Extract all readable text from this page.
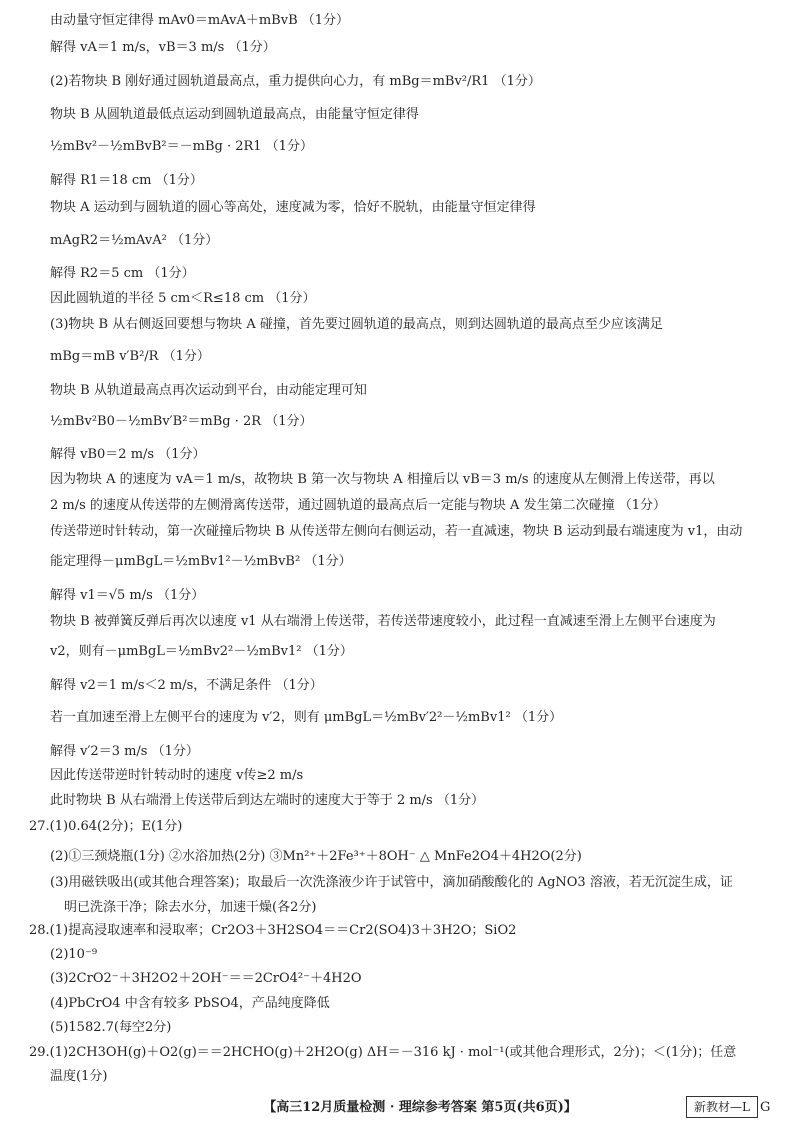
由动量守恒定律得 mAv0＝mAvA＋mBvB （1分）
解得 vA＝1 m/s，vB＝3 m/s （1分）
(2)若物块 B 刚好通过圆轨道最高点，重力提供向心力，有 mBg＝mBv²/R1 （1分）
物块 B 从圆轨道最低点运动到圆轨道最高点，由能量守恒定律得
½mBv²－½mBvB²＝－mBg · 2R1 （1分）
解得 R1＝18 cm （1分）
物块 A 运动到与圆轨道的圆心等高处，速度减为零，恰好不脱轨，由能量守恒定律得
mAgR2＝½mAvA² （1分）
解得 R2＝5 cm （1分）
因此圆轨道的半径 5 cm＜R≤18 cm （1分）
(3)物块 B 从右侧返回要想与物块 A 碰撞，首先要过圆轨道的最高点，则到达圆轨道的最高点至少应该满足
mBg＝mB v′B²/R （1分）
物块 B 从轨道最高点再次运动到平台，由动能定理可知
½mBv²B0－½mBv′B²＝mBg · 2R （1分）
解得 vB0＝2 m/s （1分）
因为物块 A 的速度为 vA＝1 m/s，故物块 B 第一次与物块 A 相撞后以 vB＝3 m/s 的速度从左侧滑上传送带，再以
2 m/s 的速度从传送带的左侧滑离传送带，通过圆轨道的最高点后一定能与物块 A 发生第二次碰撞 （1分）
传送带逆时针转动，第一次碰撞后物块 B 从传送带左侧向右侧运动，若一直减速，物块 B 运动到最右端速度为 v1，由动
能定理得－μmBgL＝½mBv1²－½mBvB² （1分）
解得 v1＝√5 m/s （1分）
物块 B 被弹簧反弹后再次以速度 v1 从右端滑上传送带，若传送带速度较小，此过程一直减速至滑上左侧平台速度为
v2，则有－μmBgL＝½mBv2²－½mBv1² （1分）
解得 v2＝1 m/s＜2 m/s，不满足条件 （1分）
若一直加速至滑上左侧平台的速度为 v′2，则有 μmBgL＝½mBv′2²－½mBv1² （1分）
解得 v′2＝3 m/s （1分）
因此传送带逆时针转动时的速度 v传≥2 m/s
此时物块 B 从右端滑上传送带后到达左端时的速度大于等于 2 m/s （1分）
27.(1)0.64(2分)；E(1分)
(2)①三颈烧瓶(1分) ②水浴加热(2分) ③Mn²⁺＋2Fe³⁺＋8OH⁻ △ MnFe2O4＋4H2O(2分)
(3)用磁铁吸出(或其他合理答案)；取最后一次洗涤液少许于试管中，滴加硝酸酸化的 AgNO3 溶液，若无沉淀生成，证
明已洗涤干净；除去水分，加速干燥(各2分)
28.(1)提高浸取速率和浸取率；Cr2O3＋3H2SO4＝＝Cr2(SO4)3＋3H2O；SiO2
(2)10⁻⁹
(3)2CrO2⁻＋3H2O2＋2OH⁻＝＝2CrO4²⁻＋4H2O
(4)PbCrO4 中含有较多 PbSO4，产品纯度降低
(5)1582.7(每空2分)
29.(1)2CH3OH(g)＋O2(g)＝＝2HCHO(g)＋2H2O(g) ΔH＝－316 kJ · mol⁻¹(或其他合理形式，2分)；＜(1分)；任意
温度(1分)
【高三12月质量检测 · 理综参考答案 第5页(共6页)】	新教材—L G
